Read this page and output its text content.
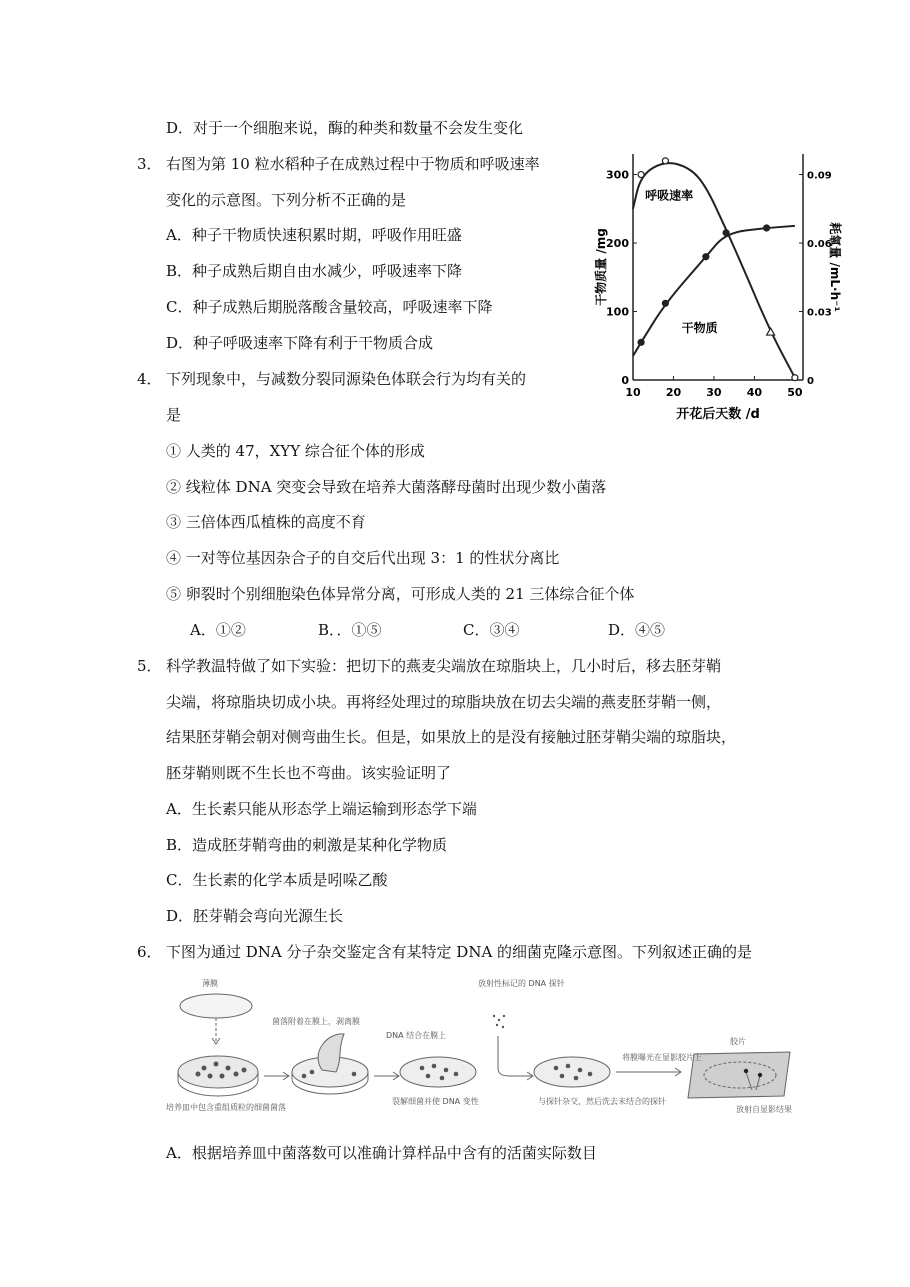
D．对于一个细胞来说，酶的种类和数量不会发生变化
3． 右图为第 10 粒水稻种子在成熟过程中于物质和呼吸速率
变化的示意图。下列分析不正确的是
A．种子干物质快速积累时期，呼吸作用旺盛
B．种子成熟后期自由水减少，呼吸速率下降
C．种子成熟后期脱落酸含量较高，呼吸速率下降
D．种子呼吸速率下降有利于干物质合成
10 20 30 40 50
0
100
200
300
0
0.03
0.06
0.09
开花后天数 /d
干物质量 /mg	耗氧量 /mL·h⁻¹
呼吸速率
干物质
4． 下列现象中，与减数分裂同源染色体联会行为均有关的
是
① 人类的 47，XYY 综合征个体的形成
② 线粒体 DNA 突变会导致在培养大菌落酵母菌时出现少数小菌落
③ 三倍体西瓜植株的高度不育
④ 一对等位基因杂合子的自交后代出现 3：1 的性状分离比
⑤ 卵裂时个别细胞染色体异常分离，可形成人类的 21 三体综合征个体
A．①②	B．．①⑤	C．③④	D．④⑤
5． 科学教温特做了如下实验：把切下的燕麦尖端放在琼脂块上，几小时后，移去胚芽鞘
尖端，将琼脂块切成小块。再将经处理过的琼脂块放在切去尖端的燕麦胚芽鞘一侧，
结果胚芽鞘会朝对侧弯曲生长。但是，如果放上的是没有接触过胚芽鞘尖端的琼脂块，
胚芽鞘则既不生长也不弯曲。该实验证明了
A．生长素只能从形态学上端运输到形态学下端
B．造成胚芽鞘弯曲的刺激是某种化学物质
C．生长素的化学本质是吲哚乙酸
D．胚芽鞘会弯向光源生长
6． 下图为通过 DNA 分子杂交鉴定含有某特定 DNA 的细菌克隆示意图。下列叙述正确的是
薄膜
菌落附着在膜上，剥离膜
DNA 结合在膜上
放射性标记的 DNA 探针
将膜曝光在显影胶片上
胶片
培养皿中包含重组质粒的细菌菌落
裂解细菌并使 DNA 变性	与探针杂交，然后洗去未结合的探针
放射自显影结果
A．根据培养皿中菌落数可以准确计算样品中含有的活菌实际数目
